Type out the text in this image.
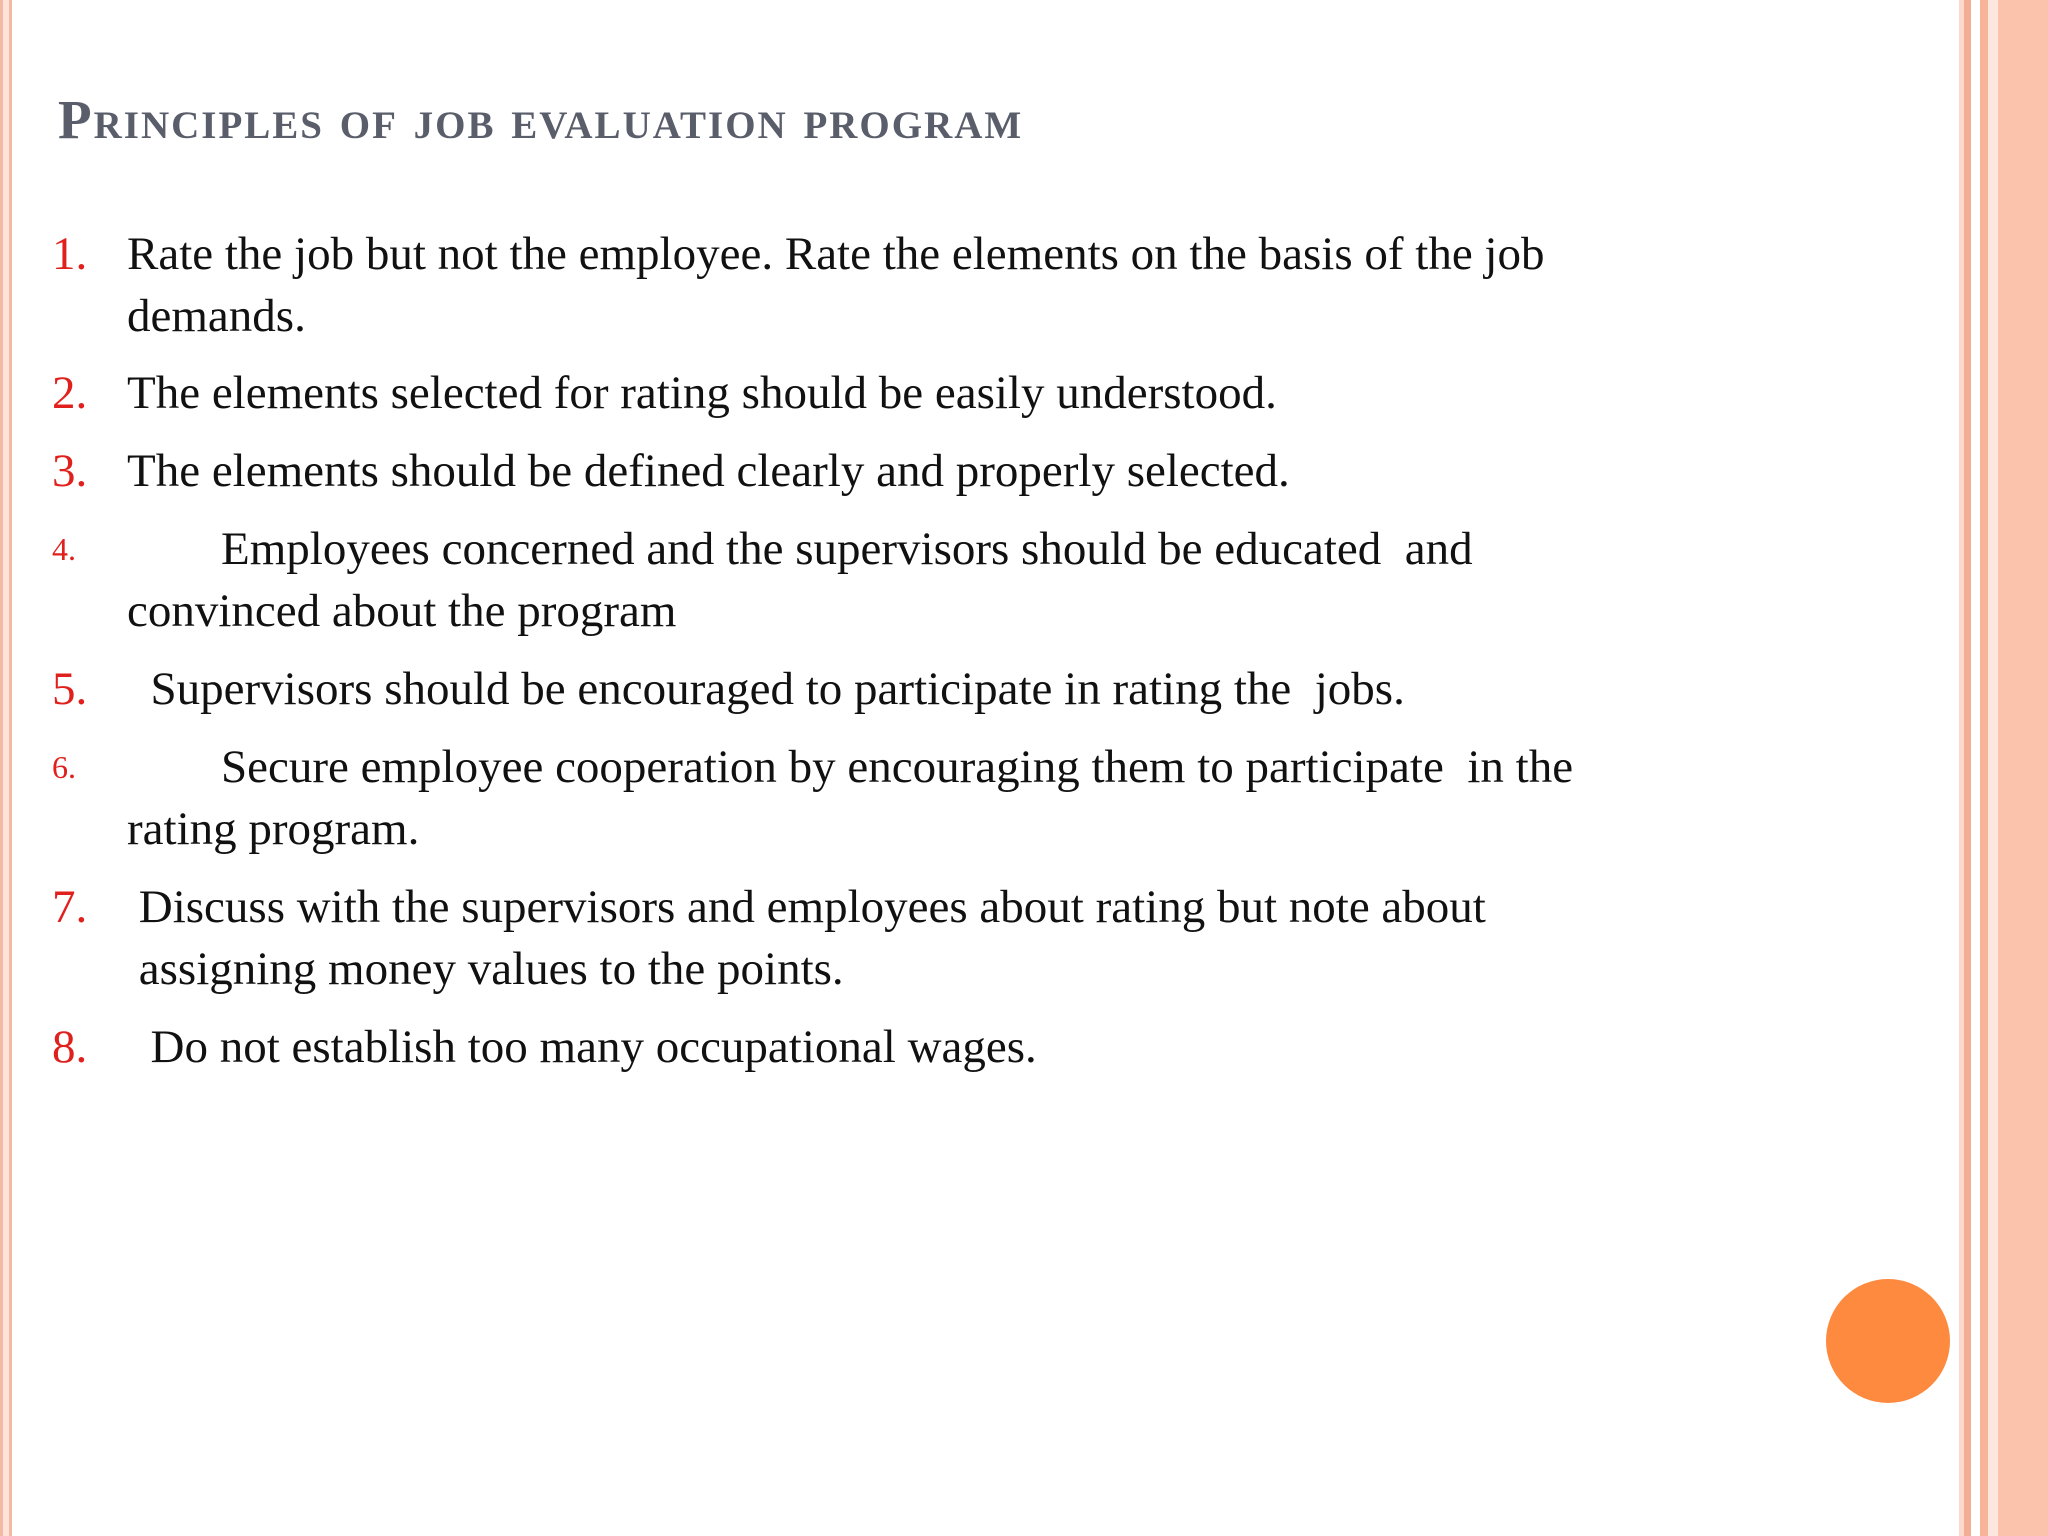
Principles of job evaluation program
1. Rate the job but not the employee. Rate the elements on the basis of the job
demands.
2. The elements selected for rating should be easily understood.
3. The elements should be defined clearly and properly selected.
4. Employees concerned and the supervisors should be educated  and
convinced about the program
5. Supervisors should be encouraged to participate in rating the  jobs.
6. Secure employee cooperation by encouraging them to participate  in the
rating program.
7. Discuss with the supervisors and employees about rating but note about
assigning money values to the points.
8. Do not establish too many occupational wages.
